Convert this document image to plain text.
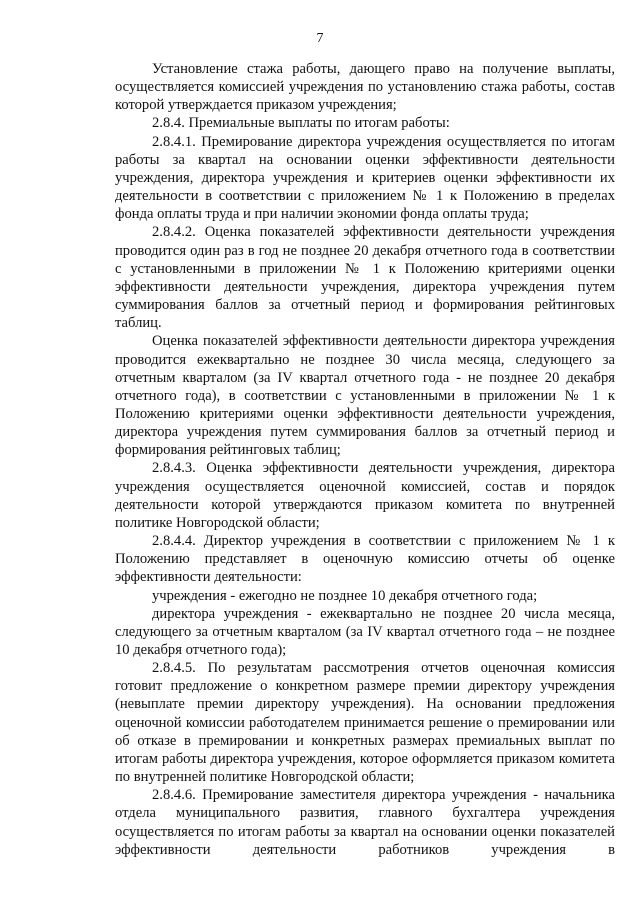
7

Установление стажа работы, дающего право на получение выплаты, осуществляется комиссией учреждения по установлению стажа работы, состав которой утверждается приказом учреждения;

2.8.4. Премиальные выплаты по итогам работы:

2.8.4.1. Премирование директора учреждения осуществляется по итогам работы за квартал на основании оценки эффективности деятельности учреждения, директора учреждения и критериев оценки эффективности их деятельности в соответствии с приложением № 1 к Положению в пределах фонда оплаты труда и при наличии экономии фонда оплаты труда;

2.8.4.2. Оценка показателей эффективности деятельности учреждения проводится один раз в год не позднее 20 декабря отчетного года в соответствии с установленными в приложении № 1 к Положению критериями оценки эффективности деятельности учреждения, директора учреждения путем суммирования баллов за отчетный период и формирования рейтинговых таблиц.

Оценка показателей эффективности деятельности директора учреждения проводится ежеквартально не позднее 30 числа месяца, следующего за отчетным кварталом (за IV квартал отчетного года - не позднее 20 декабря отчетного года), в соответствии с установленными в приложении № 1 к Положению критериями оценки эффективности деятельности учреждения, директора учреждения путем суммирования баллов за отчетный период и формирования рейтинговых таблиц;

2.8.4.3. Оценка эффективности деятельности учреждения, директора учреждения осуществляется оценочной комиссией, состав и порядок деятельности которой утверждаются приказом комитета по внутренней политике Новгородской области;

2.8.4.4. Директор учреждения в соответствии с приложением № 1 к Положению представляет в оценочную комиссию отчеты об оценке эффективности деятельности:

учреждения - ежегодно не позднее 10 декабря отчетного года;

директора учреждения - ежеквартально не позднее 20 числа месяца, следующего за отчетным кварталом (за IV квартал отчетного года – не позднее 10 декабря отчетного года);

2.8.4.5. По результатам рассмотрения отчетов оценочная комиссия готовит предложение о конкретном размере премии директору учреждения (невыплате премии директору учреждения). На основании предложения оценочной комиссии работодателем принимается решение о премировании или об отказе в премировании и конкретных размерах премиальных выплат по итогам работы директора учреждения, которое оформляется приказом комитета по внутренней политике Новгородской области;

2.8.4.6. Премирование заместителя директора учреждения - начальника отдела муниципального развития, главного бухгалтера учреждения осуществляется по итогам работы за квартал на основании оценки показателей эффективности деятельности работников учреждения в
